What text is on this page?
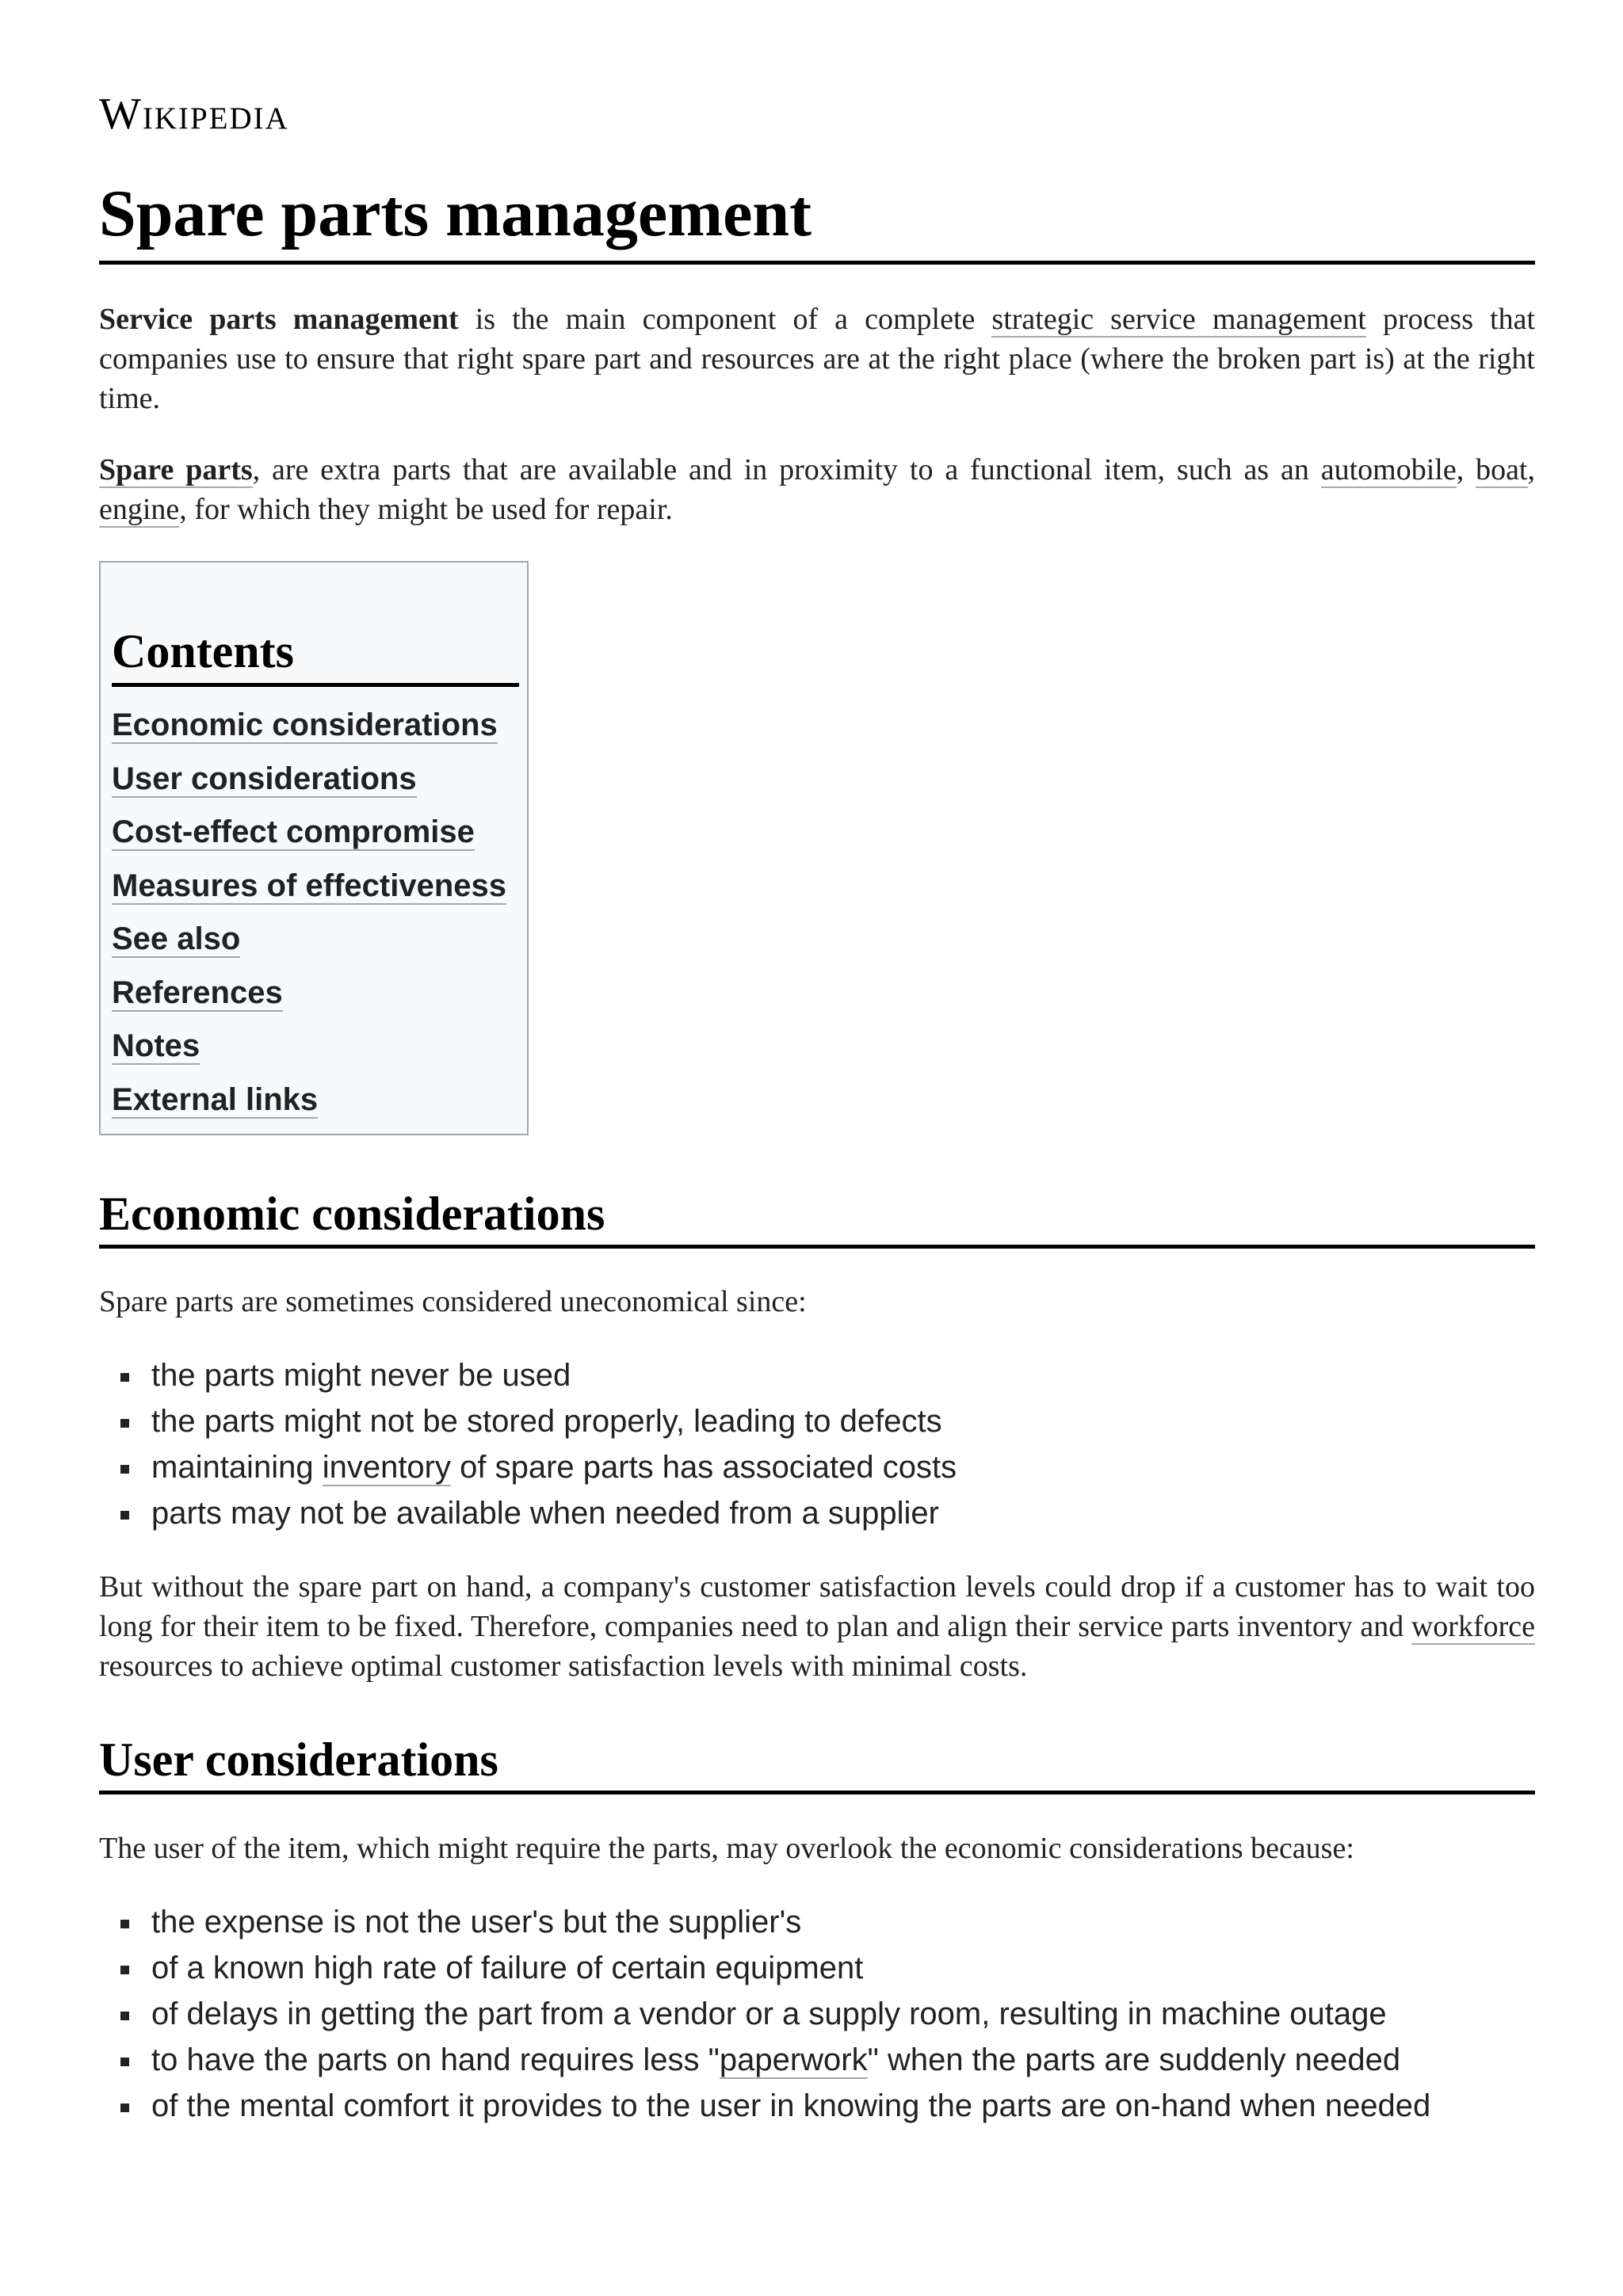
Wikipedia
Spare parts management

Service parts management is the main component of a complete strategic service management process that companies use to ensure that right spare part and resources are at the right place (where the broken part is) at the right time.

Spare parts, are extra parts that are available and in proximity to a functional item, such as an automobile, boat, engine, for which they might be used for repair.

Contents
Economic considerations
User considerations
Cost-effect compromise
Measures of effectiveness
See also
References
Notes
External links
Economic considerations

Spare parts are sometimes considered uneconomical since:

the parts might never be used
the parts might not be stored properly, leading to defects
maintaining inventory of spare parts has associated costs
parts may not be available when needed from a supplier

But without the spare part on hand, a company's customer satisfaction levels could drop if a customer has to wait too long for their item to be fixed. Therefore, companies need to plan and align their service parts inventory and workforce resources to achieve optimal customer satisfaction levels with minimal costs.

User considerations

The user of the item, which might require the parts, may overlook the economic considerations because:

the expense is not the user's but the supplier's
of a known high rate of failure of certain equipment
of delays in getting the part from a vendor or a supply room, resulting in machine outage
to have the parts on hand requires less "paperwork" when the parts are suddenly needed
of the mental comfort it provides to the user in knowing the parts are on-hand when needed
